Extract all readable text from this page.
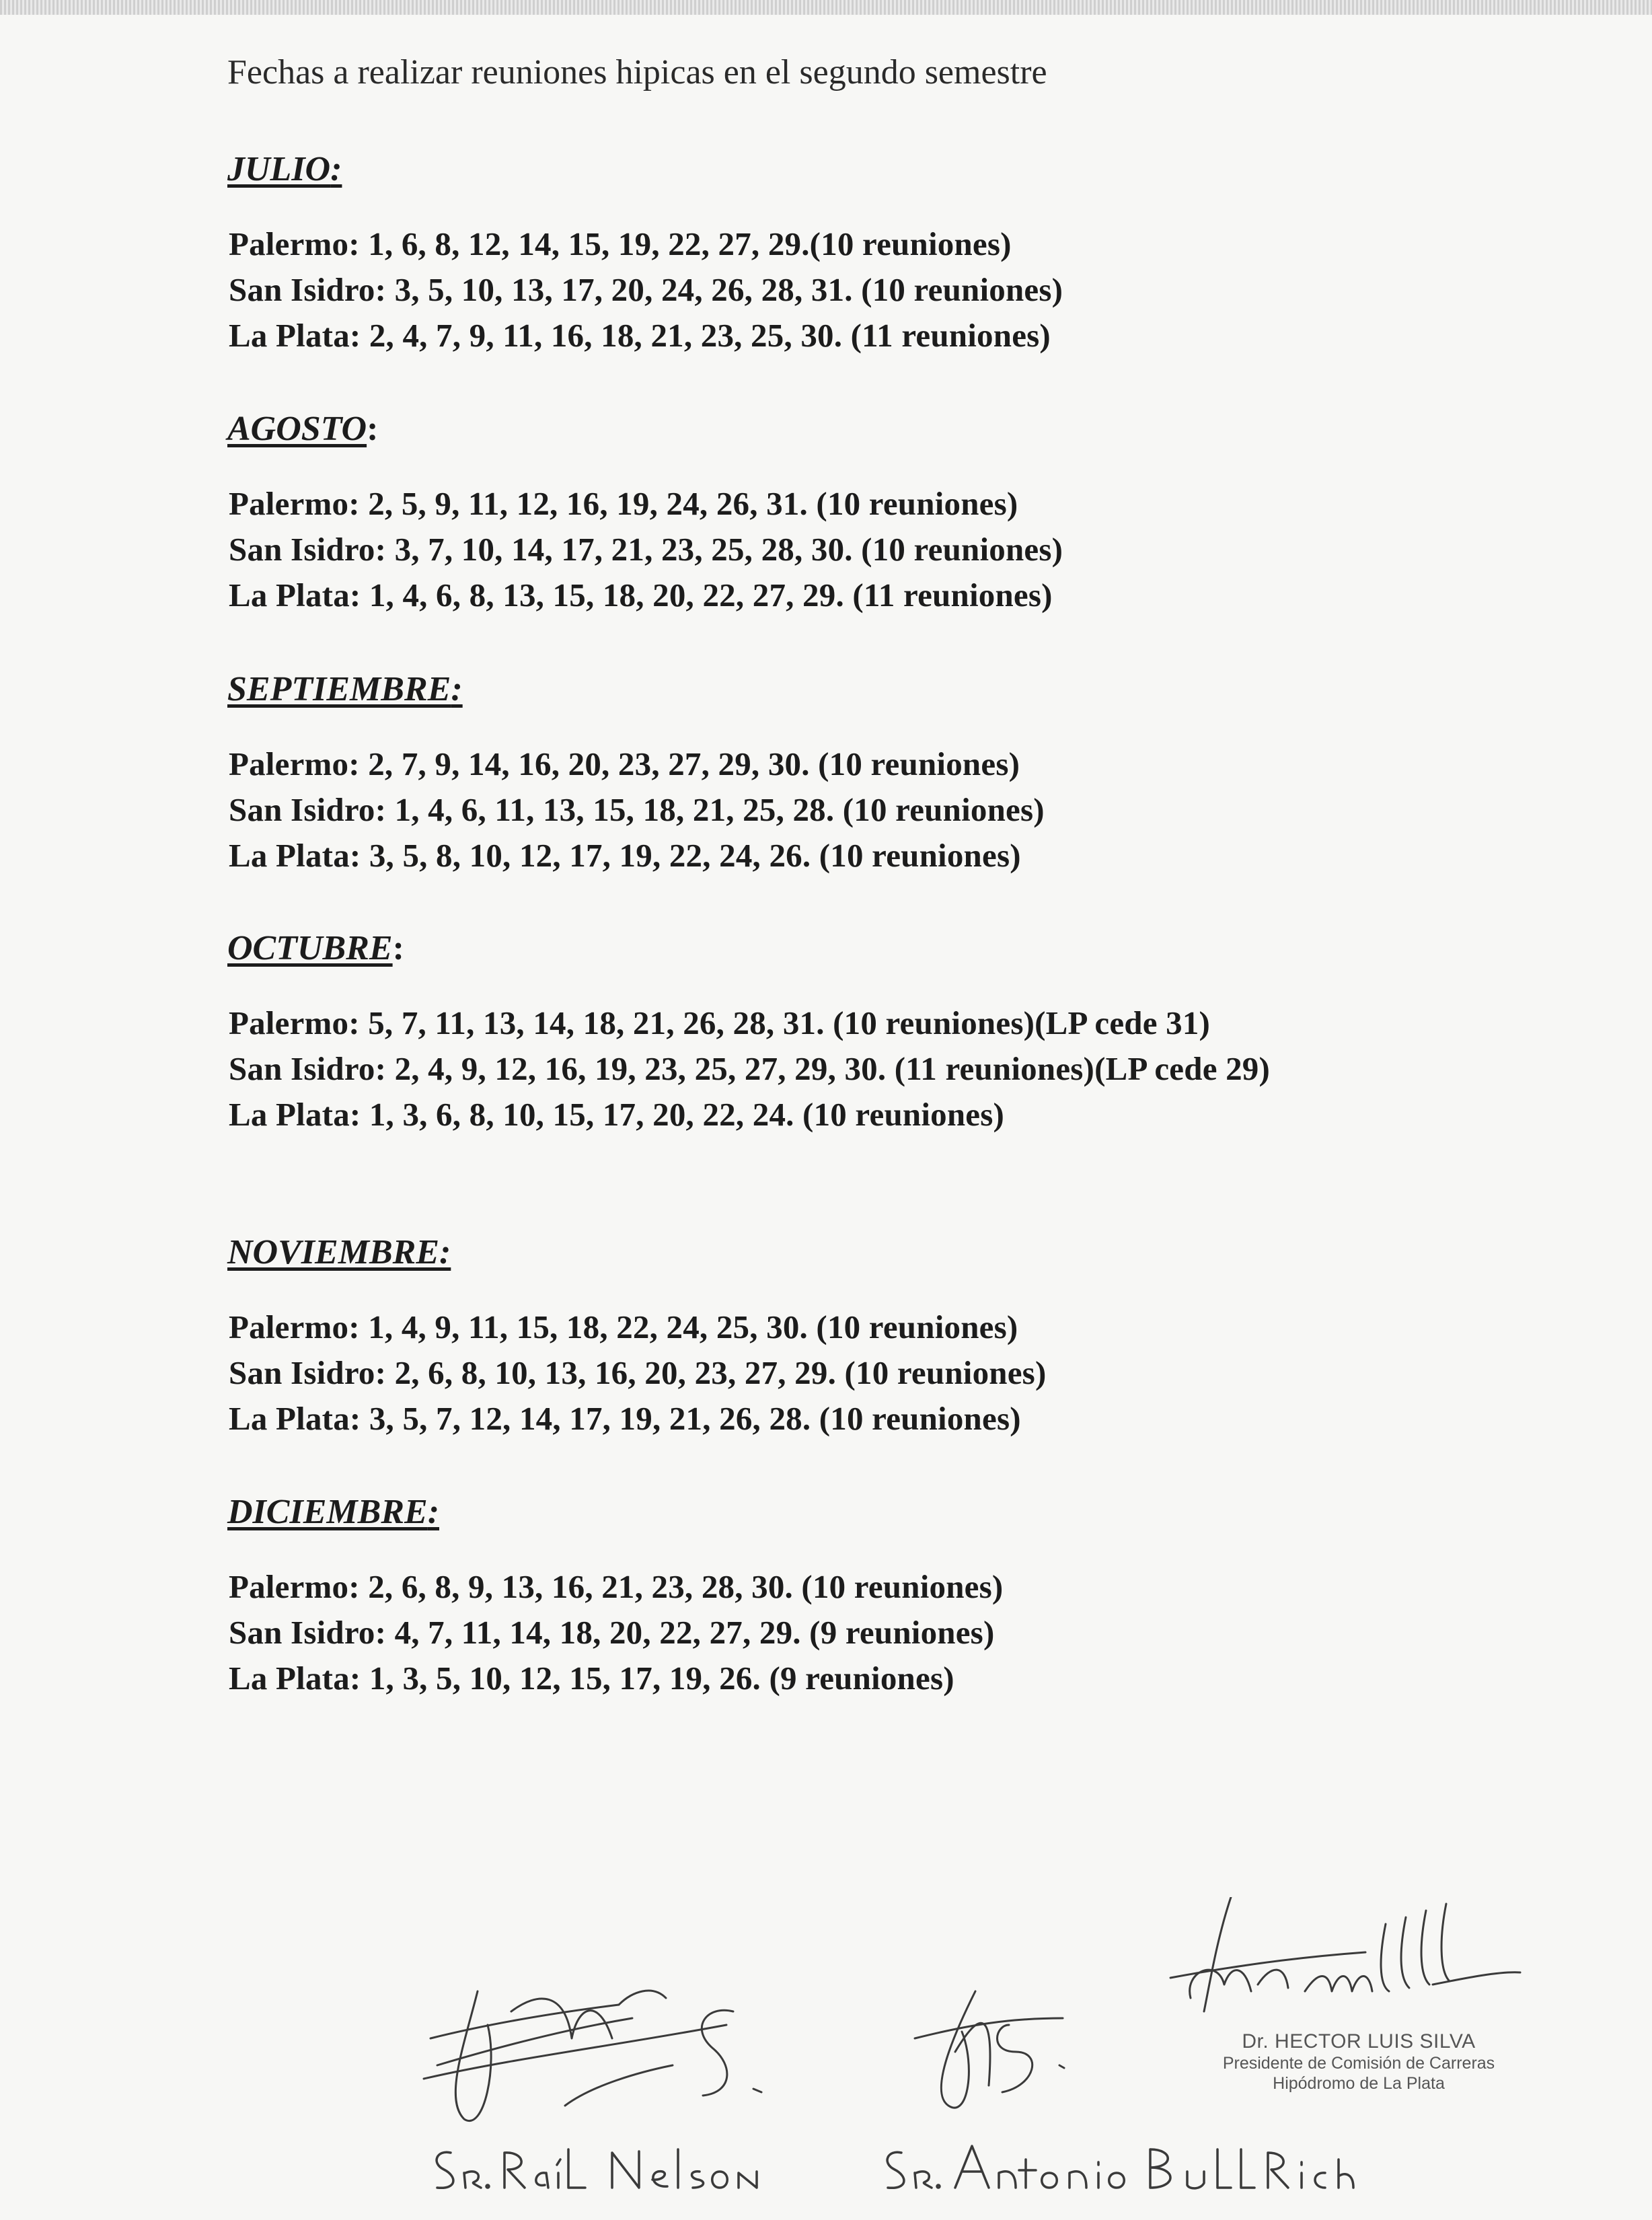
Fechas a realizar reuniones hipicas en el segundo semestre
JULIO:
Palermo: 1, 6, 8, 12, 14, 15, 19, 22, 27, 29.(10 reuniones)
San Isidro: 3, 5, 10, 13, 17, 20, 24, 26, 28, 31. (10 reuniones)
La Plata: 2, 4, 7, 9, 11, 16, 18, 21, 23, 25, 30. (11 reuniones)
AGOSTO:
Palermo: 2, 5, 9, 11, 12, 16, 19, 24, 26, 31. (10 reuniones)
San Isidro: 3, 7, 10, 14, 17, 21, 23, 25, 28, 30. (10 reuniones)
La Plata: 1, 4, 6, 8, 13, 15, 18, 20, 22, 27, 29. (11 reuniones)
SEPTIEMBRE:
Palermo: 2, 7, 9, 14, 16, 20, 23, 27, 29, 30. (10 reuniones)
San Isidro: 1, 4, 6, 11, 13, 15, 18, 21, 25, 28. (10 reuniones)
La Plata: 3, 5, 8, 10, 12, 17, 19, 22, 24, 26. (10 reuniones)
OCTUBRE:
Palermo: 5, 7, 11, 13, 14, 18, 21, 26, 28, 31. (10 reuniones)(LP cede 31)
San Isidro: 2, 4, 9, 12, 16, 19, 23, 25, 27, 29, 30. (11 reuniones)(LP cede 29)
La Plata: 1, 3, 6, 8, 10, 15, 17, 20, 22, 24. (10 reuniones)
NOVIEMBRE:
Palermo: 1, 4, 9, 11, 15, 18, 22, 24, 25, 30. (10 reuniones)
San Isidro: 2, 6, 8, 10, 13, 16, 20, 23, 27, 29. (10 reuniones)
La Plata: 3, 5, 7, 12, 14, 17, 19, 21, 26, 28. (10 reuniones)
DICIEMBRE:
Palermo: 2, 6, 8, 9, 13, 16, 21, 23, 28, 30. (10 reuniones)
San Isidro: 4, 7, 11, 14, 18, 20, 22, 27, 29. (9 reuniones)
La Plata: 1, 3, 5, 10, 12, 15, 17, 19, 26. (9 reuniones)
Dr. HECTOR LUIS SILVA
Presidente de Comisión de Carreras
Hipódromo de La Plata
